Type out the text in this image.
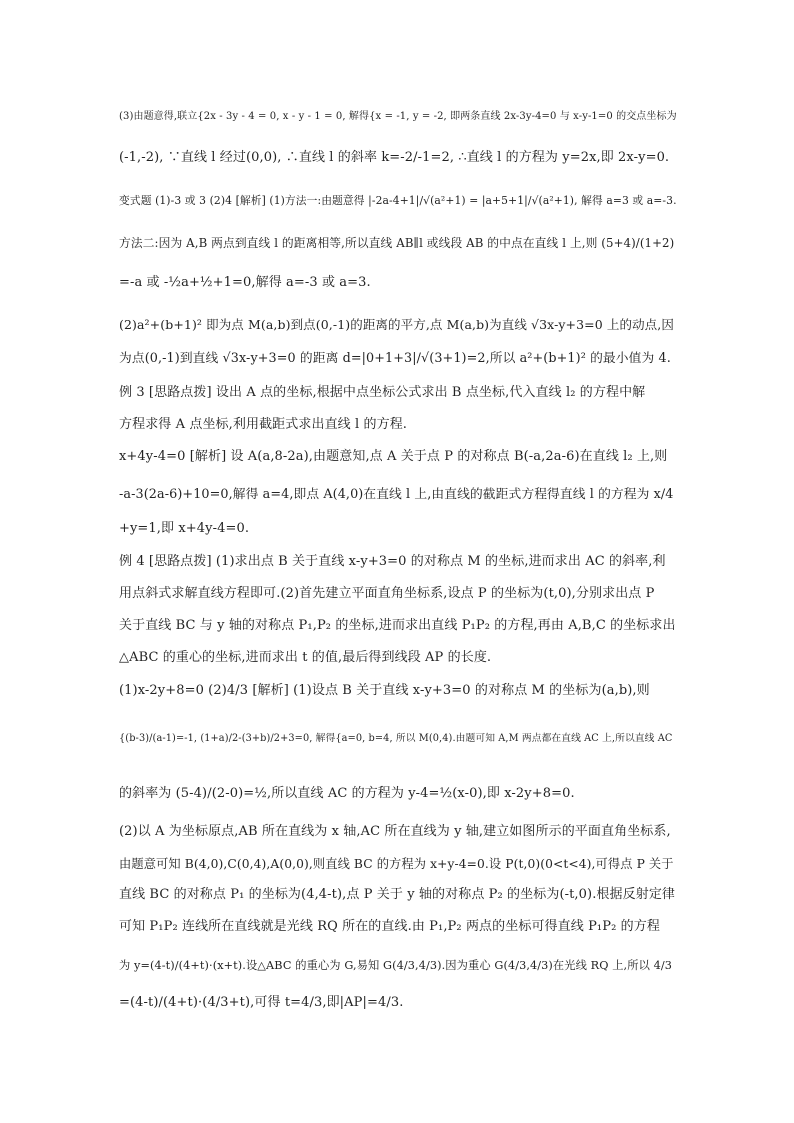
(3)由题意得,联立{2x - 3y - 4 = 0, x - y - 1 = 0, 解得{x = -1, y = -2, 即两条直线 2x-3y-4=0 与 x-y-1=0 的交点坐标为
(-1,-2), ∵直线 l 经过(0,0), ∴直线 l 的斜率 k=-2/-1=2, ∴直线 l 的方程为 y=2x,即 2x-y=0.
变式题 (1)-3 或 3 (2)4 [解析] (1)方法一:由题意得 |-2a-4+1|/√(a²+1) = |a+5+1|/√(a²+1), 解得 a=3 或 a=-3.
方法二:因为 A,B 两点到直线 l 的距离相等,所以直线 AB∥l 或线段 AB 的中点在直线 l 上,则 (5+4)/(1+2)
=-a 或 -½a+½+1=0,解得 a=-3 或 a=3.
(2)a²+(b+1)² 即为点 M(a,b)到点(0,-1)的距离的平方,点 M(a,b)为直线 √3x-y+3=0 上的动点,因
为点(0,-1)到直线 √3x-y+3=0 的距离 d=|0+1+3|/√(3+1)=2,所以 a²+(b+1)² 的最小值为 4.
例 3 [思路点拨] 设出 A 点的坐标,根据中点坐标公式求出 B 点坐标,代入直线 l₂ 的方程中解
方程求得 A 点坐标,利用截距式求出直线 l 的方程.
x+4y-4=0 [解析] 设 A(a,8-2a),由题意知,点 A 关于点 P 的对称点 B(-a,2a-6)在直线 l₂ 上,则
-a-3(2a-6)+10=0,解得 a=4,即点 A(4,0)在直线 l 上,由直线的截距式方程得直线 l 的方程为 x/4
+y=1,即 x+4y-4=0.
例 4 [思路点拨] (1)求出点 B 关于直线 x-y+3=0 的对称点 M 的坐标,进而求出 AC 的斜率,利
用点斜式求解直线方程即可.(2)首先建立平面直角坐标系,设点 P 的坐标为(t,0),分别求出点 P
关于直线 BC 与 y 轴的对称点 P₁,P₂ 的坐标,进而求出直线 P₁P₂ 的方程,再由 A,B,C 的坐标求出
△ABC 的重心的坐标,进而求出 t 的值,最后得到线段 AP 的长度.
(1)x-2y+8=0 (2)4/3 [解析] (1)设点 B 关于直线 x-y+3=0 的对称点 M 的坐标为(a,b),则
{(b-3)/(a-1)=-1, (1+a)/2-(3+b)/2+3=0, 解得{a=0, b=4, 所以 M(0,4).由题可知 A,M 两点都在直线 AC 上,所以直线 AC
的斜率为 (5-4)/(2-0)=½,所以直线 AC 的方程为 y-4=½(x-0),即 x-2y+8=0.
(2)以 A 为坐标原点,AB 所在直线为 x 轴,AC 所在直线为 y 轴,建立如图所示的平面直角坐标系,
由题意可知 B(4,0),C(0,4),A(0,0),则直线 BC 的方程为 x+y-4=0.设 P(t,0)(0<t<4),可得点 P 关于
直线 BC 的对称点 P₁ 的坐标为(4,4-t),点 P 关于 y 轴的对称点 P₂ 的坐标为(-t,0).根据反射定律
可知 P₁P₂ 连线所在直线就是光线 RQ 所在的直线.由 P₁,P₂ 两点的坐标可得直线 P₁P₂ 的方程
为 y=(4-t)/(4+t)·(x+t).设△ABC 的重心为 G,易知 G(4/3,4/3).因为重心 G(4/3,4/3)在光线 RQ 上,所以 4/3
=(4-t)/(4+t)·(4/3+t),可得 t=4/3,即|AP|=4/3.
